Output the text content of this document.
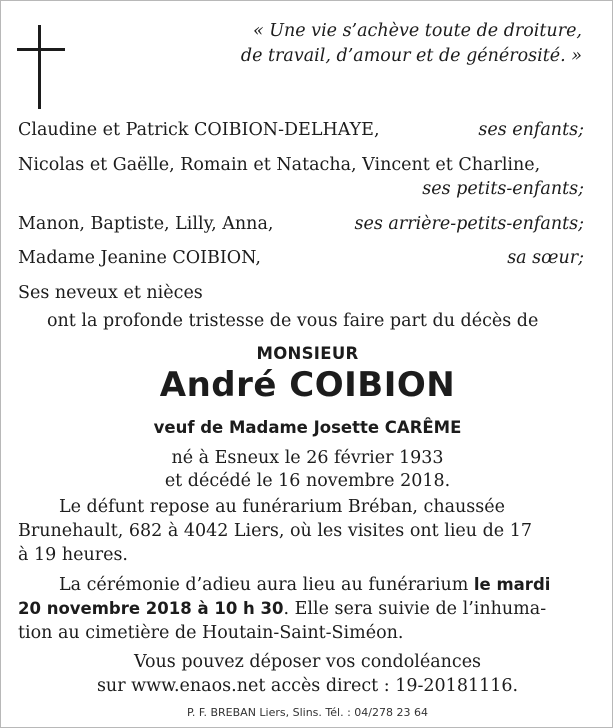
« Une vie s’achève toute de droiture,
de travail, d’amour et de générosité. »
Claudine et Patrick COIBION-DELHAYE,	ses enfants;
Nicolas et Gaëlle, Romain et Natacha, Vincent et Charline,
ses petits-enfants;
Manon, Baptiste, Lilly, Anna,	ses arrière-petits-enfants;
Madame Jeanine COIBION,	sa sœur;
Ses neveux et nièces
ont la profonde tristesse de vous faire part du décès de
MONSIEUR
André COIBION
veuf de Madame Josette CARÊME
né à Esneux le 26 février 1933
et décédé le 16 novembre 2018.
Le défunt repose au funérarium Bréban, chaussée
Brunehault, 682 à 4042 Liers, où les visites ont lieu de 17
à 19 heures.
La cérémonie d’adieu aura lieu au funérarium le mardi
20 novembre 2018 à 10 h 30. Elle sera suivie de l’inhuma-
tion au cimetière de Houtain-Saint-Siméon.
Vous pouvez déposer vos condoléances
sur www.enaos.net accès direct : 19-20181116.
P. F. BREBAN Liers, Slins. Tél. : 04/278 23 64
